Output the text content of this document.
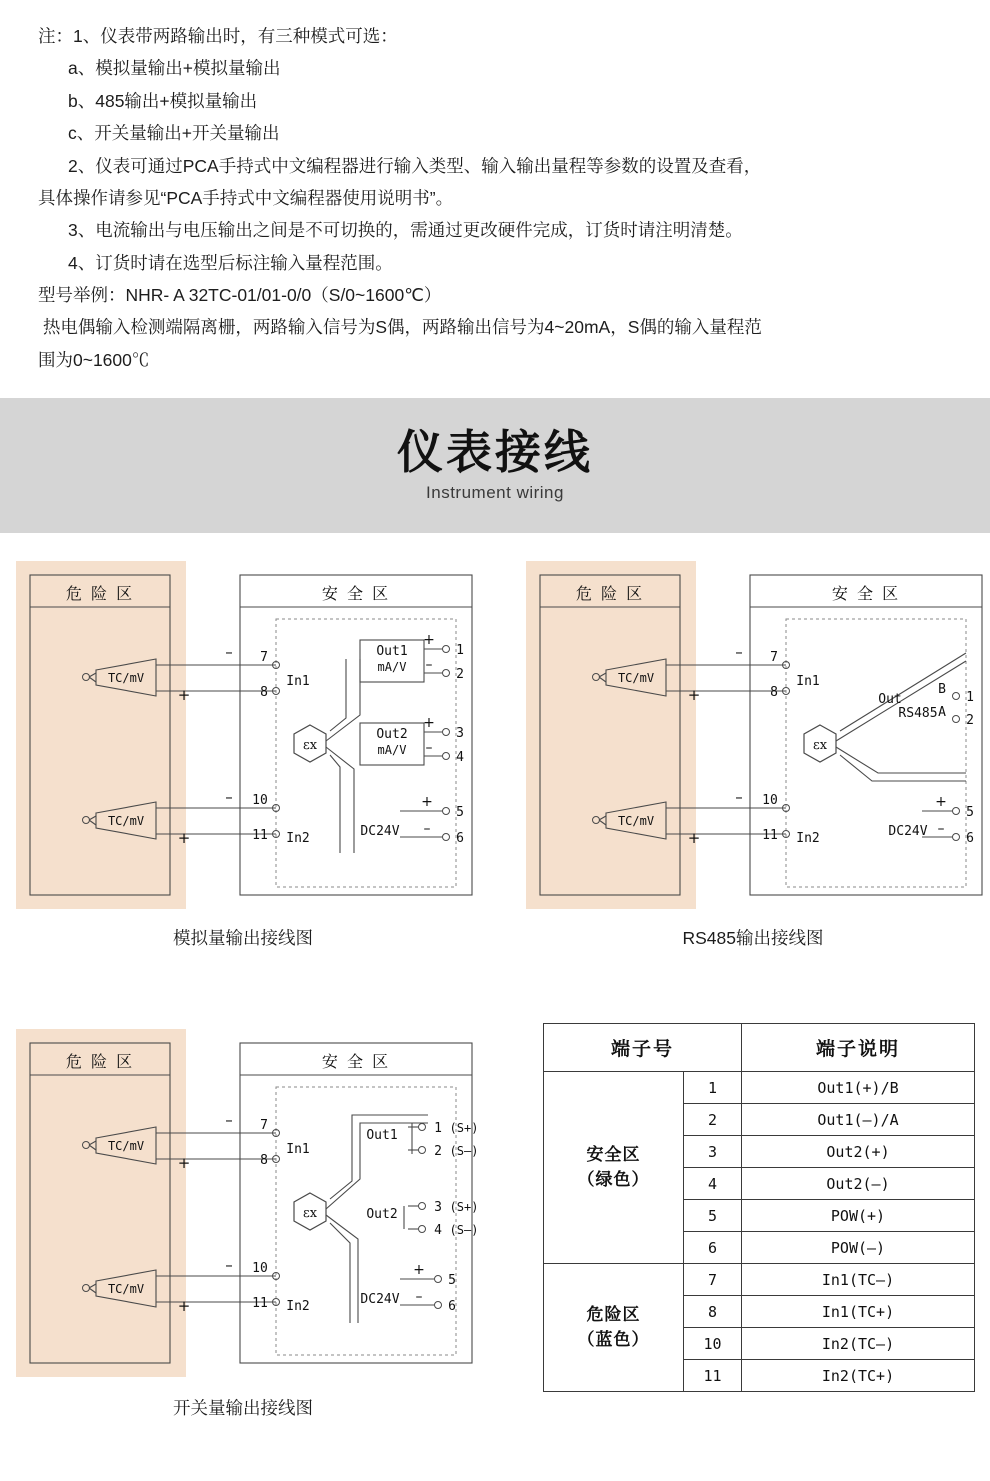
注：1、仪表带两路输出时，有三种模式可选：
a、模拟量输出+模拟量输出
b、485输出+模拟量输出
c、开关量输出+开关量输出
2、仪表可通过PCA手持式中文编程器进行输入类型、输入输出量程等参数的设置及查看，
具体操作请参见“PCA手持式中文编程器使用说明书”。
3、电流输出与电压输出之间是不可切换的，需通过更改硬件完成，订货时请注明清楚。
4、订货时请在选型后标注输入量程范围。
型号举例：NHR- A 32TC-01/01-0/0（S/0~1600℃）
热电偶输入检测端隔离栅，两路输入信号为S偶，两路输出信号为4~20mA，S偶的输入量程范
围为0~1600℃
仪表接线
Instrument wiring
危 险 区
TC/mV
–
+
TC/mV
–
+
安 全 区
7
8
10
11
In1
In2
εx
Out1
mA/V
+
–
1
2
Out2
mA/V
+
–
3
4
DC24V
+
–
5
6
危 险 区
TC/mV
–
+
TC/mV
–
+
安 全 区
7
8
10
11
In1
In2
εx
Out
RS485
B
A
1
2
DC24V
+
–
5
6
危 险 区
TC/mV
–
+
TC/mV
–
+
安 全 区
7
8
10
11
In1
In2
εx
Out1	1
2
(S+)
(S–)
Out2	3
4
(S+)
(S–)
DC24V
+
–
5
6
模拟量输出接线图	RS485输出接线图
开关量输出接线图
端子号		端子说明

安全区
（绿色）	1	Out1(+)/B
	2	Out1(–)/A
	3	Out2(+)
	4	Out2(–)
	5	POW(+)
	6	POW(–)

危险区
（蓝色）	7	In1(TC–)
	8	In1(TC+)
	10	In2(TC–)
	11	In2(TC+)
